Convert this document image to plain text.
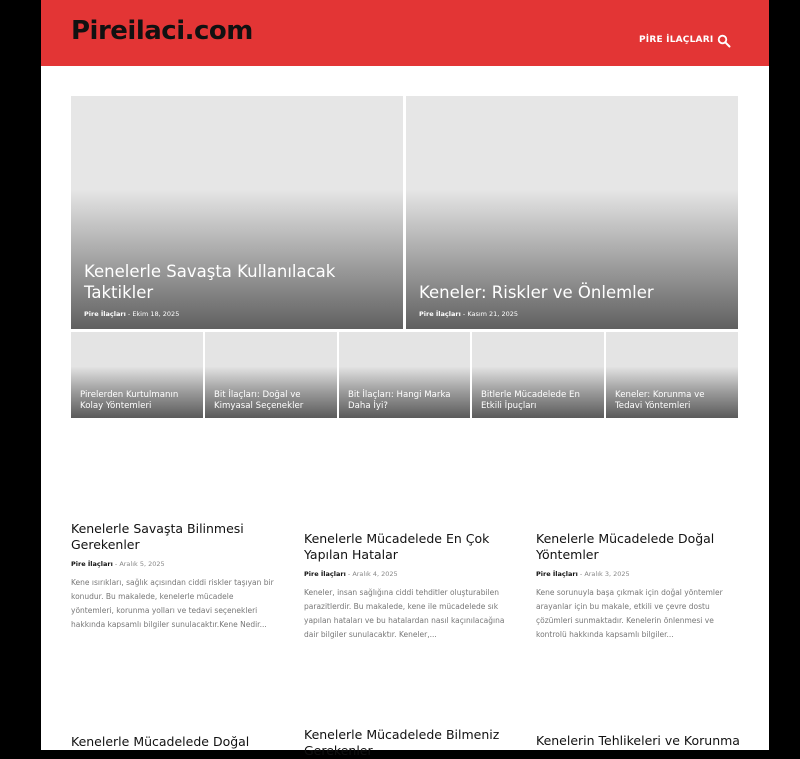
Pireilaci.com	PİRE İLAÇLARI
Kenelerle Savaşta Kullanılacak Taktikler
Pire İlaçları - Ekim 18, 2025
Keneler: Riskler ve Önlemler
Pire İlaçları - Kasım 21, 2025
Pirelerden Kurtulmanın Kolay Yöntemleri
Bit İlaçları: Doğal ve Kimyasal Seçenekler
Bit İlaçları: Hangi Marka Daha İyi?
Bitlerle Mücadelede En Etkili İpuçları
Keneler: Korunma ve Tedavi Yöntemleri
Kenelerle Savaşta Bilinmesi Gerekenler
Pire İlaçları - Aralık 5, 2025
Kene ısırıkları, sağlık açısından ciddi riskler taşıyan bir konudur. Bu makalede, kenelerle mücadele yöntemleri, korunma yolları ve tedavi seçenekleri hakkında kapsamlı bilgiler sunulacaktır.Kene Nedir...
Kenelerle Mücadelede En Çok Yapılan Hatalar
Pire İlaçları - Aralık 4, 2025
Keneler, insan sağlığına ciddi tehditler oluşturabilen parazitlerdir. Bu makalede, kene ile mücadelede sık yapılan hataları ve bu hatalardan nasıl kaçınılacağına dair bilgiler sunulacaktır. Keneler,...
Kenelerle Mücadelede Doğal Yöntemler
Pire İlaçları - Aralık 3, 2025
Kene sorunuyla başa çıkmak için doğal yöntemler arayanlar için bu makale, etkili ve çevre dostu çözümleri sunmaktadır. Kenelerin önlenmesi ve kontrolü hakkında kapsamlı bilgiler...
Kenelerle Mücadelede Doğal	Kenelerle Mücadelede Bilmeniz Gerekenler
Kenelerin Tehlikeleri ve Korunma
